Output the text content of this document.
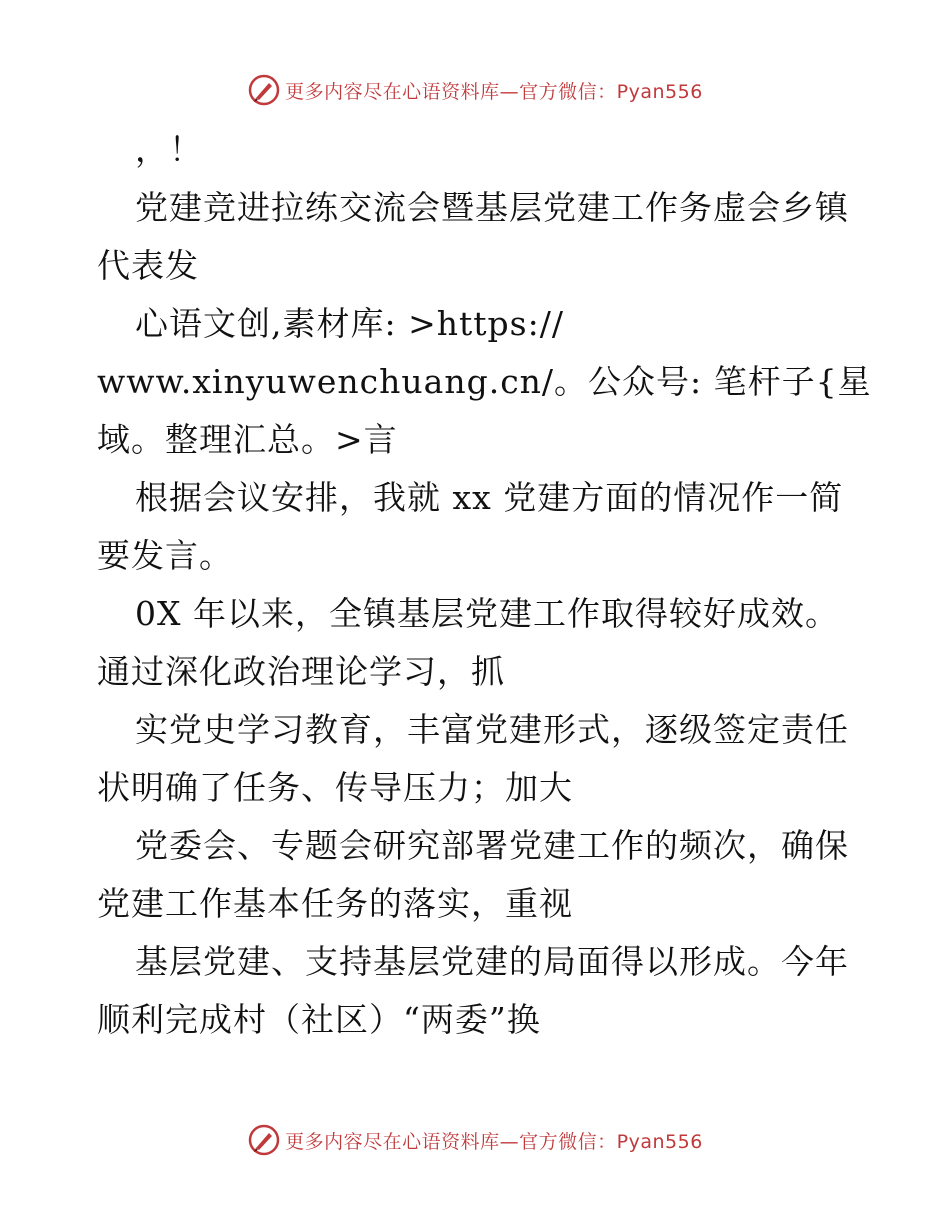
更多内容尽在心语资料库—官方微信：Pyan556
，！
党建竞进拉练交流会暨基层党建工作务虚会乡镇
代表发
心语文创,素材库: >https://
www.xinyuwenchuang.cn/。公众号: 笔杆子{星
域。整理汇总。>言
根据会议安排，我就 xx 党建方面的情况作一简
要发言。
0X 年以来，全镇基层党建工作取得较好成效。
通过深化政治理论学习，抓
实党史学习教育，丰富党建形式，逐级签定责任
状明确了任务、传导压力；加大
党委会、专题会研究部署党建工作的频次，确保
党建工作基本任务的落实，重视
基层党建、支持基层党建的局面得以形成。今年
顺利完成村（社区）“两委”换
更多内容尽在心语资料库—官方微信：Pyan556
